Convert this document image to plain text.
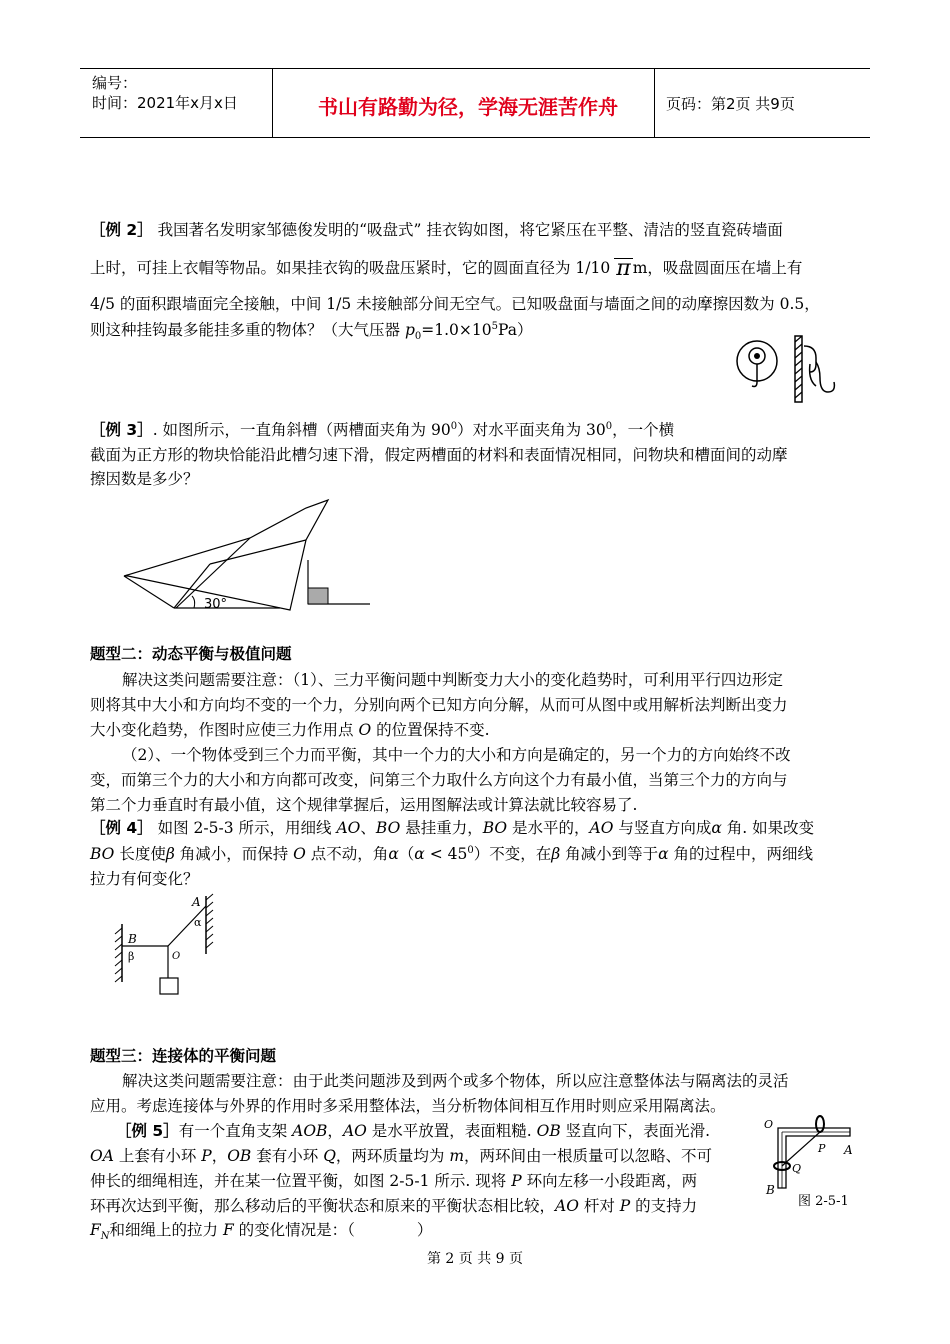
编号：
时间：2021年x月x日	书山有路勤为径，学海无涯苦作舟	页码：第2页 共9页
［例 2］ 我国著名发明家邹德俊发明的“吸盘式” 挂衣钩如图，将它紧压在平整、清洁的竖直瓷砖墙面
上时，可挂上衣帽等物品。如果挂衣钩的吸盘压紧时，它的圆面直径为 1/10 π m，吸盘圆面压在墙上有
4/5 的面积跟墙面完全接触，中间 1/5 未接触部分间无空气。已知吸盘面与墙面之间的动摩擦因数为 0.5，
则这种挂钩最多能挂多重的物体？（大气压器 $p_0=1.0\times 10^5Pa$）
［例 3］. 如图所示，一直角斜槽（两槽面夹角为 $90^0$）对水平面夹角为 $30^0$，一个横
截面为正方形的物块恰能沿此槽匀速下滑，假定两槽面的材料和表面情况相同，问物块和槽面间的动摩
擦因数是多少？
30°
题型二：动态平衡与极值问题
解决这类问题需要注意：（1）、三力平衡问题中判断变力大小的变化趋势时，可利用平行四边形定
则将其中大小和方向均不变的一个力，分别向两个已知方向分解，从而可从图中或用解析法判断出变力
大小变化趋势，作图时应使三力作用点 O 的位置保持不变.
（2）、一个物体受到三个力而平衡，其中一个力的大小和方向是确定的，另一个力的方向始终不改
变，而第三个力的大小和方向都可改变，问第三个力取什么方向这个力有最小值，当第三个力的方向与
第二个力垂直时有最小值，这个规律掌握后，运用图解法或计算法就比较容易了.
［例 4］ 如图 2-5-3 所示，用细线 AO、BO 悬挂重力，BO 是水平的，AO 与竖直方向成α 角. 如果改变
BO 长度使β 角减小，而保持 O 点不动，角$\alpha(\alpha < 45^0)$不变，在β 角减小到等于α 角的过程中，两细线
拉力有何变化？
A
B
O
α
β
题型三：连接体的平衡问题
解决这类问题需要注意：由于此类问题涉及到两个或多个物体，所以应注意整体法与隔离法的灵活
应用。考虑连接体与外界的作用时多采用整体法，当分析物体间相互作用时则应采用隔离法。
［例 5］有一个直角支架 AOB，AO 是水平放置，表面粗糙. OB 竖直向下，表面光滑.
OA 上套有小环 P，OB 套有小环 Q，两环质量均为 m，两环间由一根质量可以忽略、不可
伸长的细绳相连，并在某一位置平衡，如图 2-5-1 所示. 现将 P 环向左移一小段距离，两
环再次达到平衡，那么移动后的平衡状态和原来的平衡状态相比较，AO 杆对 P 的支持力
$F_N$和细绳上的拉力 F 的变化情况是：（　　　　）
O
P A
Q
B
图 2-5-1
第 2 页 共 9 页
